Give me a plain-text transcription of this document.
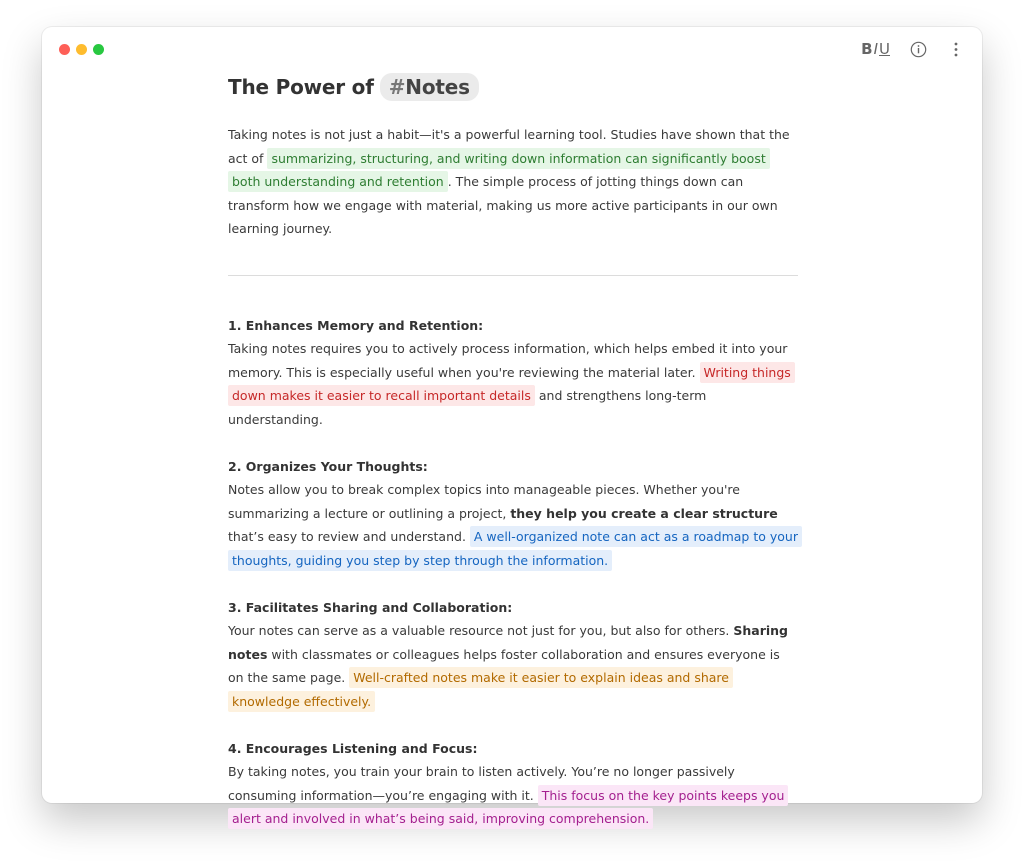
B I U
The Power of #Notes

Taking notes is not just a habit—it's a powerful learning tool. Studies have shown that the act of summarizing, structuring, and writing down information can significantly boost both understanding and retention . The simple process of jotting things down can transform how we engage with material, making us more active participants in our own learning journey.

1. Enhances Memory and Retention:

Taking notes requires you to actively process information, which helps embed it into your memory. This is especially useful when you're reviewing the material later. Writing things down makes it easier to recall important details and strengthens long-term understanding.

2. Organizes Your Thoughts:

Notes allow you to break complex topics into manageable pieces. Whether you're summarizing a lecture or outlining a project, they help you create a clear structure that’s easy to review and understand. A well-organized note can act as a roadmap to your thoughts, guiding you step by step through the information.

3. Facilitates Sharing and Collaboration:

Your notes can serve as a valuable resource not just for you, but also for others. Sharing notes with classmates or colleagues helps foster collaboration and ensures everyone is on the same page. Well-crafted notes make it easier to explain ideas and share knowledge effectively.

4. Encourages Listening and Focus:

By taking notes, you train your brain to listen actively. You’re no longer passively consuming information—you’re engaging with it. This focus on the key points keeps you alert and involved in what’s being said, improving comprehension.
